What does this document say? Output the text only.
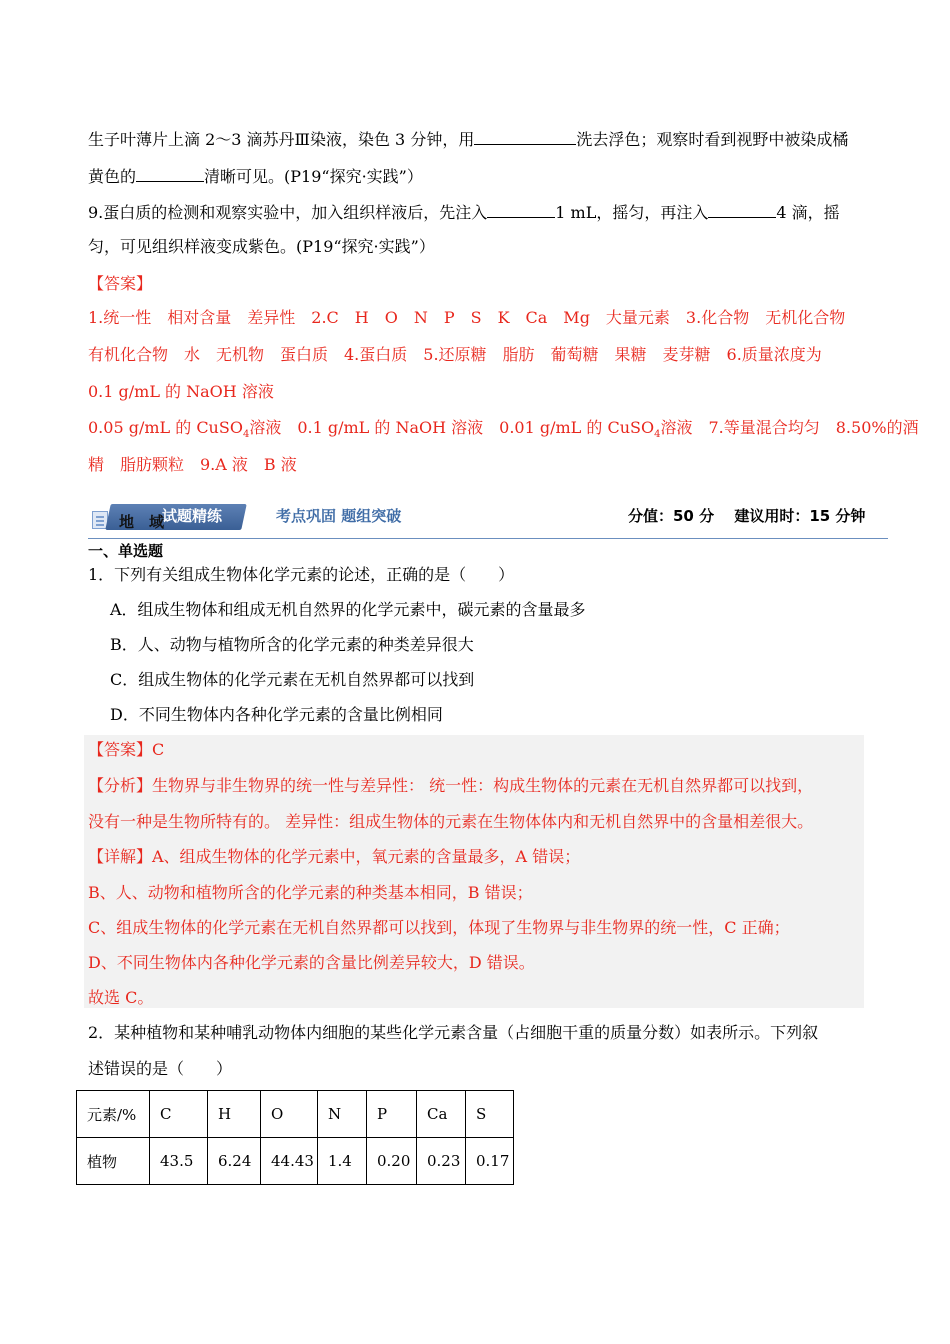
生子叶薄片上滴 2～3 滴苏丹Ⅲ染液，染色 3 分钟，用	洗去浮色；观察时看到视野中被染成橘
黄色的	清晰可见。(P19“探究·实践”）
9.蛋白质的检测和观察实验中，加入组织样液后，先注入	1 mL，摇匀，再注入	4 滴，摇
匀，可见组织样液变成紫色。(P19“探究·实践”）
【答案】
1.统一性　相对含量　差异性　2.C　H　O　N　P　S　K　Ca　Mg　大量元素　3.化合物　无机化合物
有机化合物　水　无机物　蛋白质　4.蛋白质　5.还原糖　脂肪　葡萄糖　果糖　麦芽糖　6.质量浓度为
0.1 g/mL 的 NaOH 溶液
0.05 g/mL 的 CuSO$_4$溶液　0.1 g/mL 的 NaOH 溶液　0.01 g/mL 的 CuSO$_4$溶液　7.等量混合均匀　8.50%的酒
精　脂肪颗粒　9.A 液　B 液
试题精练
地　域	考点巩固 题组突破	分值：50 分　 建议用时：15 分钟
一、单选题
1．下列有关组成生物体化学元素的论述，正确的是（　　）
A．组成生物体和组成无机自然界的化学元素中，碳元素的含量最多
B．人、动物与植物所含的化学元素的种类差异很大
C．组成生物体的化学元素在无机自然界都可以找到
D．不同生物体内各种化学元素的含量比例相同
【答案】C
【分析】生物界与非生物界的统一性与差异性： 统一性：构成生物体的元素在无机自然界都可以找到，
没有一种是生物所特有的。 差异性：组成生物体的元素在生物体体内和无机自然界中的含量相差很大。
【详解】A、组成生物体的化学元素中，氧元素的含量最多，A 错误；
B、人、动物和植物所含的化学元素的种类基本相同，B 错误；
C、组成生物体的化学元素在无机自然界都可以找到，体现了生物界与非生物界的统一性，C 正确；
D、不同生物体内各种化学元素的含量比例差异较大，D 错误。
故选 C。
2．某种植物和某种哺乳动物体内细胞的某些化学元素含量（占细胞干重的质量分数）如表所示。下列叙
述错误的是（　　）
元素/%	C	H	O	N	P	Ca	S
植物	43.5	6.24	44.43	1.4	0.20	0.23	0.17
